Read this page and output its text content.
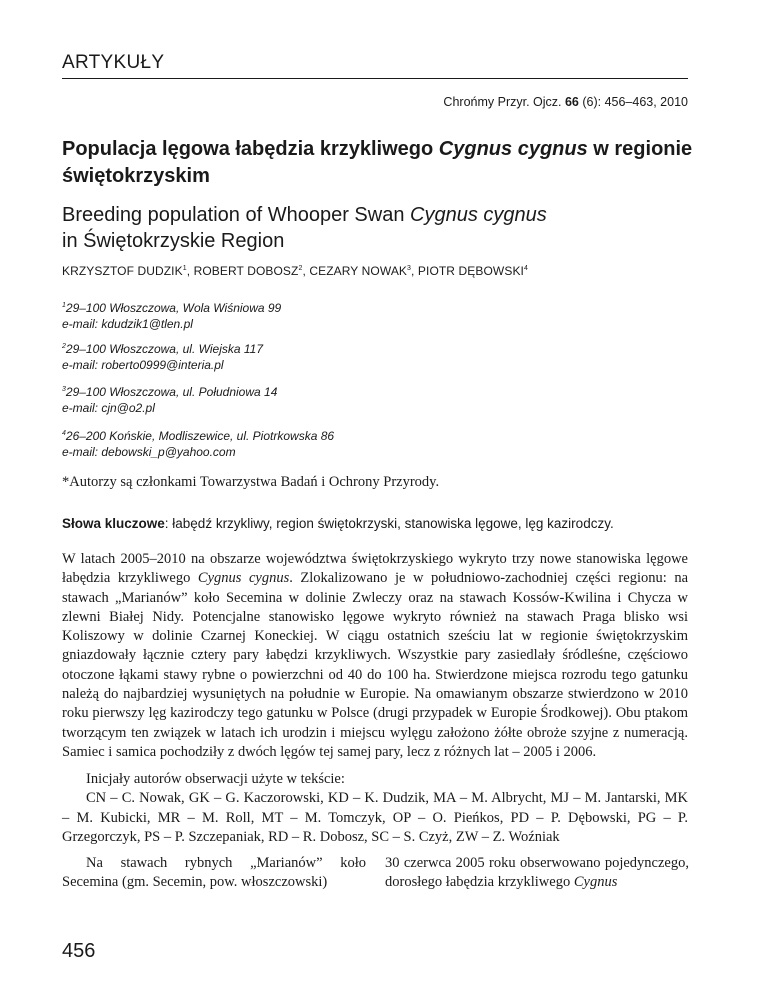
ARTYKUŁY
Chrońmy Przyr. Ojcz. 66 (6): 456–463, 2010
Populacja lęgowa łabędzia krzykliwego Cygnus cygnus w regionie świętokrzyskim
Breeding population of Whooper Swan Cygnus cygnus
in Świętokrzyskie Region
KRZYSZTOF DUDZIK$^1$, ROBERT DOBOSZ$^2$, CEZARY NOWAK$^3$, PIOTR DĘBOWSKI$^4$
$^1$29–100 Włoszczowa, Wola Wiśniowa 99
e-mail: kdudzik1@tlen.pl
$^2$29–100 Włoszczowa, ul. Wiejska 117
e-mail: roberto0999@interia.pl
$^3$29–100 Włoszczowa, ul. Południowa 14
e-mail: cjn@o2.pl
$^4$26–200 Końskie, Modliszewice, ul. Piotrkowska 86
e-mail: debowski_p@yahoo.com
*Autorzy są członkami Towarzystwa Badań i Ochrony Przyrody.
Słowa kluczowe: łabędź krzykliwy, region świętokrzyski, stanowiska lęgowe, lęg kazirodczy.
W latach 2005–2010 na obszarze województwa świętokrzyskiego wykryto trzy nowe stanowiska lęgowe łabędzia krzykliwego Cygnus cygnus. Zlokalizowano je w południowo-zachodniej części regionu: na stawach „Marianów” koło Secemina w dolinie Zwleczy oraz na stawach Kossów-Kwilina i Chycza w zlewni Białej Nidy. Potencjalne stanowisko lęgowe wykryto również na stawach Praga blisko wsi Koliszowy w dolinie Czarnej Koneckiej. W ciągu ostatnich sześciu lat w regionie świętokrzyskim gniazdowały łącznie cztery pary łabędzi krzykliwych. Wszystkie pary zasiedlały śródleśne, częściowo otoczone łąkami stawy rybne o powierzchni od 40 do 100 ha. Stwierdzone miejsca rozrodu tego gatunku należą do najbardziej wysuniętych na południe w Europie. Na omawianym obszarze stwierdzono w 2010 roku pierwszy lęg kazirodczy tego gatunku w Polsce (drugi przypadek w Europie Środkowej). Obu ptakom tworzącym ten związek w latach ich urodzin i miejscu wylęgu założono żółte obroże szyjne z numeracją. Samiec i samica pochodziły z dwóch lęgów tej samej pary, lecz z różnych lat – 2005 i 2006.
Inicjały autorów obserwacji użyte w tekście:
CN – C. Nowak, GK – G. Kaczorowski, KD – K. Dudzik, MA – M. Albrycht, MJ – M. Jantarski, MK – M. Kubicki, MR – M. Roll, MT – M. Tomczyk, OP – O. Pieńkos, PD – P. Dębowski, PG – P. Grzegorczyk, PS – P. Szczepaniak, RD – R. Dobosz, SC – S. Czyż, ZW – Z. Woźniak
Na stawach rybnych „Marianów” koło Secemina (gm. Secemin, pow. włoszczowski)
30 czerwca 2005 roku obserwowano pojedynczego, dorosłego łabędzia krzykliwego Cygnus
456
